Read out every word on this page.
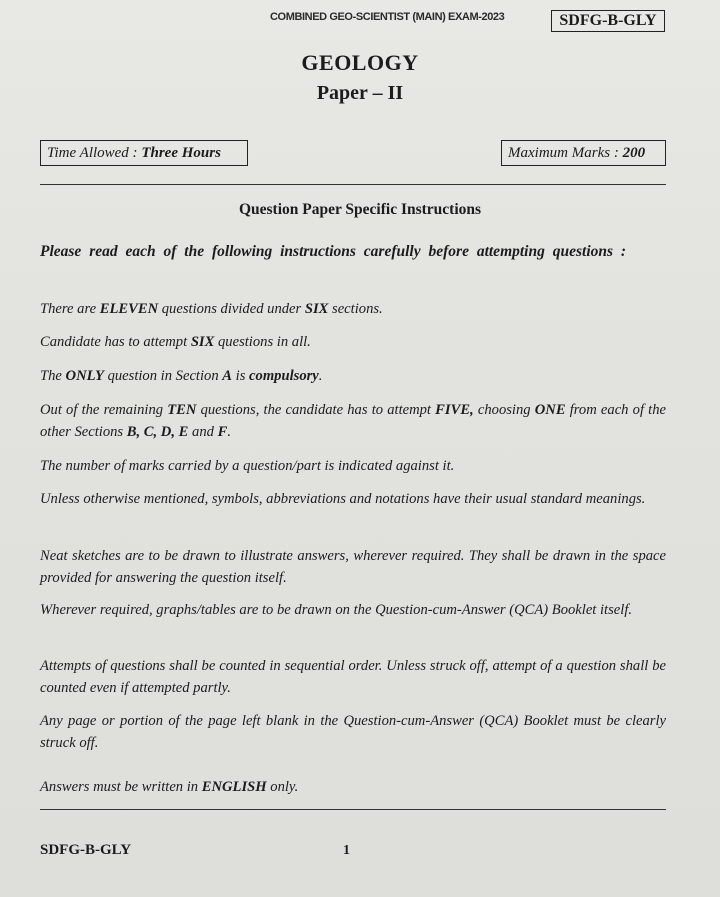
COMBINED GEO-SCIENTIST (MAIN) EXAM-2023	SDFG-B-GLY
GEOLOGY
Paper – II
Time Allowed : Three Hours	Maximum Marks : 200
Question Paper Specific Instructions
Please read each of the following instructions carefully before attempting questions :
There are ELEVEN questions divided under SIX sections.
Candidate has to attempt SIX questions in all.
The ONLY question in Section A is compulsory.
Out of the remaining TEN questions, the candidate has to attempt FIVE, choosing ONE from each of the other Sections B, C, D, E and F.
The number of marks carried by a question/part is indicated against it.
Unless otherwise mentioned, symbols, abbreviations and notations have their usual standard meanings.
Neat sketches are to be drawn to illustrate answers, wherever required. They shall be drawn in the space provided for answering the question itself.
Wherever required, graphs/tables are to be drawn on the Question-cum-Answer (QCA) Booklet itself.
Attempts of questions shall be counted in sequential order. Unless struck off, attempt of a question shall be counted even if attempted partly.
Any page or portion of the page left blank in the Question-cum-Answer (QCA) Booklet must be clearly struck off.
Answers must be written in ENGLISH only.
SDFG-B-GLY	1
